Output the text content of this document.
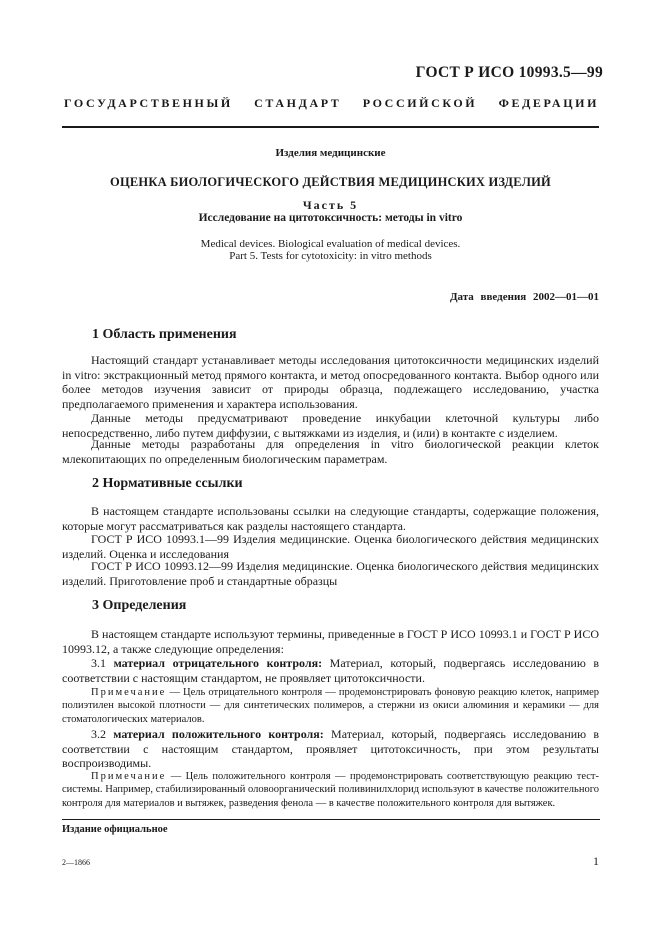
ГОСТ Р ИСО 10993.5—99
ГОСУДАРСТВЕННЫЙ СТАНДАРТ РОССИЙСКОЙ ФЕДЕРАЦИИ
Изделия медицинские
ОЦЕНКА БИОЛОГИЧЕСКОГО ДЕЙСТВИЯ МЕДИЦИНСКИХ ИЗДЕЛИЙ
Часть 5
Исследование на цитотоксичность: методы in vitro
Medical devices. Biological evaluation of medical devices.
Part 5. Tests for cytotoxicity: in vitro methods
Дата введения 2002—01—01
1 Область применения

Настоящий стандарт устанавливает методы исследования цитотоксичности медицинских изделий in vitro: экстракционный метод прямого контакта, и метод опосредованного контакта. Выбор одного или более методов изучения зависит от природы образца, подлежащего исследованию, участка предполагаемого применения и характера использования.

Данные методы предусматривают проведение инкубации клеточной культуры либо непосредственно, либо путем диффузии, с вытяжками из изделия, и (или) в контакте с изделием.

Данные методы разработаны для определения in vitro биологической реакции клеток млекопитающих по определенным биологическим параметрам.

2 Нормативные ссылки

В настоящем стандарте использованы ссылки на следующие стандарты, содержащие положения, которые могут рассматриваться как разделы настоящего стандарта.

ГОСТ Р ИСО 10993.1—99 Изделия медицинские. Оценка биологического действия медицинских изделий. Оценка и исследования

ГОСТ Р ИСО 10993.12—99 Изделия медицинские. Оценка биологического действия медицинских изделий. Приготовление проб и стандартные образцы

3 Определения

В настоящем стандарте используют термины, приведенные в ГОСТ Р ИСО 10993.1 и ГОСТ Р ИСО 10993.12, а также следующие определения:

3.1 материал отрицательного контроля: Материал, который, подвергаясь исследованию в соответствии с настоящим стандартом, не проявляет цитотоксичности.

Примечание — Цель отрицательного контроля — продемонстрировать фоновую реакцию клеток, например полиэтилен высокой плотности — для синтетических полимеров, а стержни из окиси алюминия и керамики — для стоматологических материалов.

3.2 материал положительного контроля: Материал, который, подвергаясь исследованию в соответствии с настоящим стандартом, проявляет цитотоксичность, при этом результаты воспроизводимы.

Примечание — Цель положительного контроля — продемонстрировать соответствующую реакцию тест-системы. Например, стабилизированный оловоорганический поливинилхлорид используют в качестве положительного контроля для материалов и вытяжек, разведения фенола — в качестве положительного контроля для вытяжек.

Издание официальное
2—1866	1
